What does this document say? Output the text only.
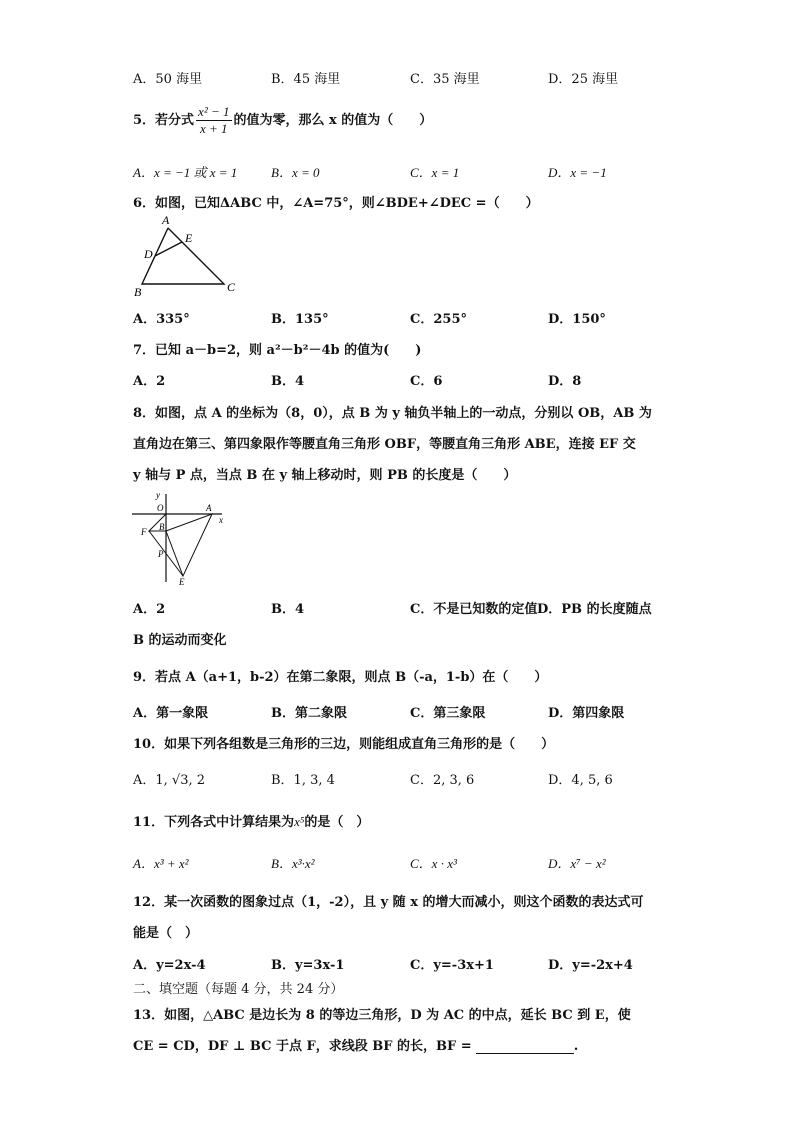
A．50 海里	B．45 海里	C．35 海里	D．25 海里
5．若分式 $\frac{\text{x² − 1}}{x + 1}$ 的值为零，那么 x 的值为（　　）
A．x = −1 或 x = 1	B．x = 0	C．x = 1	D．x = −1
6．如图，已知ΔABC 中，∠A=75°，则∠BDE+∠DEC =（　　）
A
E
D
B	C
A．335°	B．135°	C．255°	D．150°
7．已知 a－b=2，则 a²－b²－4b 的值为(　　)
A．2	B．4	C．6	D．8
8．如图，点 A 的坐标为（8，0），点 B 为 y 轴负半轴上的一动点，分别以 OB，AB 为
直角边在第三、第四象限作等腰直角三角形 OBF，等腰直角三角形 ABE，连接 EF 交
y 轴与 P 点，当点 B 在 y 轴上移动时，则 PB 的长度是（　　）
y
O	A
x
B
F
P
E
A．2	B．4	C．不是已知数的定值 D．PB 的长度随点
B 的运动而变化
9．若点 A（a+1，b-2）在第二象限，则点 B（-a，1-b）在（　　）
A．第一象限	B．第二象限	C．第三象限	D．第四象限
10．如果下列各组数是三角形的三边，则能组成直角三角形的是（　　）
A．1, √3, 2	B．1, 3, 4	C．2, 3, 6	D．4, 5, 6
11．下列各式中计算结果为x⁵的是（　）
A．x³ + x²	B．x³·x²	C．x · x³	D．x⁷ − x²
12．某一次函数的图象过点（1，-2），且 y 随 x 的增大而减小，则这个函数的表达式可
能是（　）
A．y=2x-4	B．y=3x-1	C．y=-3x+1	D．y=-2x+4
二、填空题（每题 4 分，共 24 分）
13．如图，△ABC 是边长为 8 的等边三角形，D 为 AC 的中点，延长 BC 到 E，使
CE = CD，DF ⊥ BC 于点 F，求线段 BF 的长，BF =	.
